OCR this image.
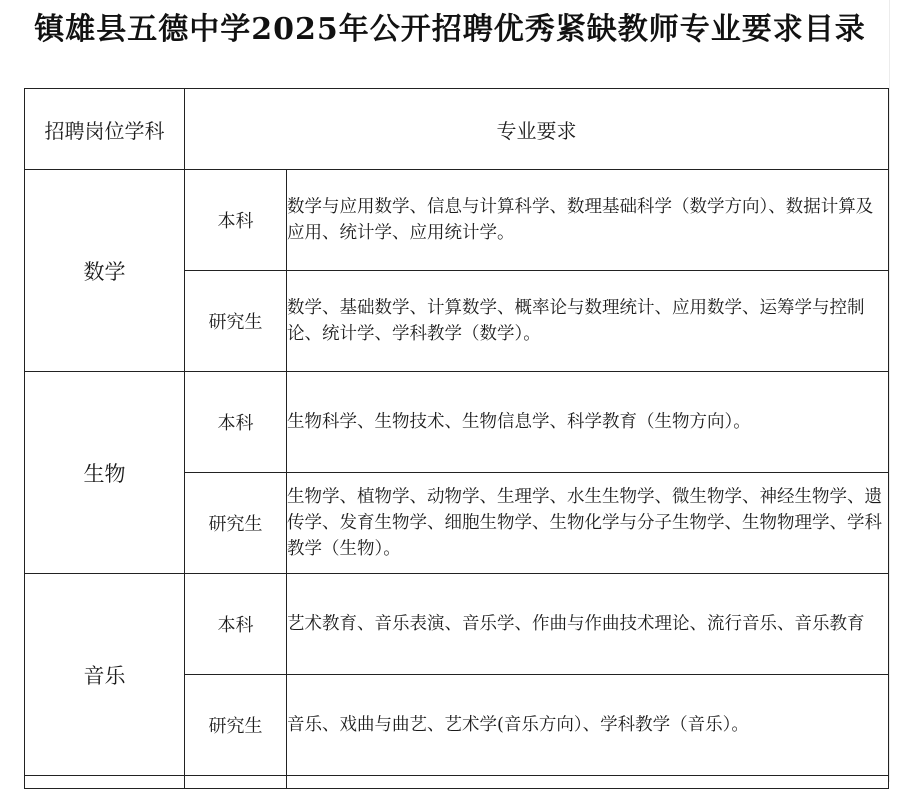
镇雄县五德中学2025年公开招聘优秀紧缺教师专业要求目录
招聘岗位学科	专业要求	
数学	本科	数学与应用数学、信息与计算科学、数理基础科学（数学方向）、数据计算及应用、统计学、应用统计学。
	研究生	数学、基础数学、计算数学、概率论与数理统计、应用数学、运筹学与控制论、统计学、学科教学（数学）。
生物	本科	生物科学、生物技术、生物信息学、科学教育（生物方向）。
	研究生	生物学、植物学、动物学、生理学、水生生物学、微生物学、神经生物学、遗传学、发育生物学、细胞生物学、生物化学与分子生物学、生物物理学、学科教学（生物）。
音乐	本科	艺术教育、音乐表演、音乐学、作曲与作曲技术理论、流行音乐、音乐教育
	研究生	音乐、戏曲与曲艺、艺术学(音乐方向）、学科教学（音乐）。
